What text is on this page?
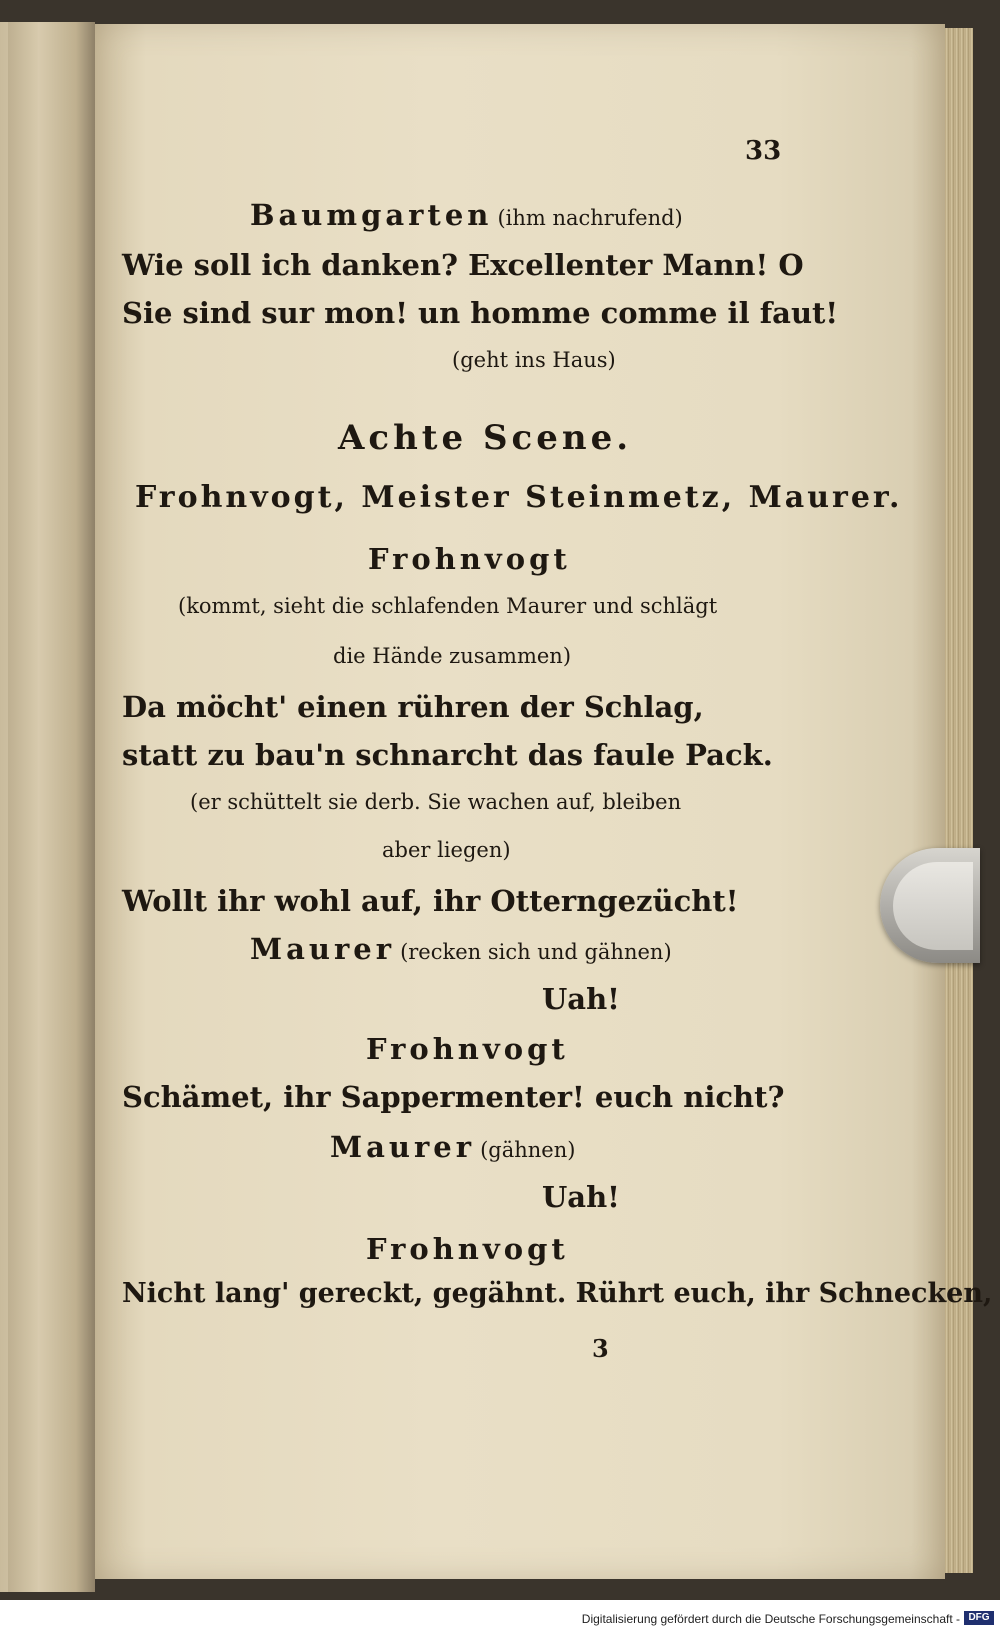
33
Baumgarten (ihm nachrufend)
Wie soll ich danken? Excellenter Mann! O
Sie sind sur mon! un homme comme il faut!
(geht ins Haus)
Achte Scene.
Frohnvogt, Meister Steinmetz, Maurer.
Frohnvogt
(kommt, sieht die schlafenden Maurer und schlägt
die Hände zusammen)
Da möcht' einen rühren der Schlag,
statt zu bau'n schnarcht das faule Pack.
(er schüttelt sie derb. Sie wachen auf, bleiben
aber liegen)
Wollt ihr wohl auf, ihr Otterngezücht!
Maurer (recken sich und gähnen)
Uah!
Frohnvogt
Schämet, ihr Sappermenter! euch nicht?
Maurer (gähnen)
Uah!
Frohnvogt
Nicht lang' gereckt, gegähnt. Rührt euch, ihr Schnecken,
3
Digitalisierung gefördert durch die Deutsche Forschungsgemeinschaft - DFG
